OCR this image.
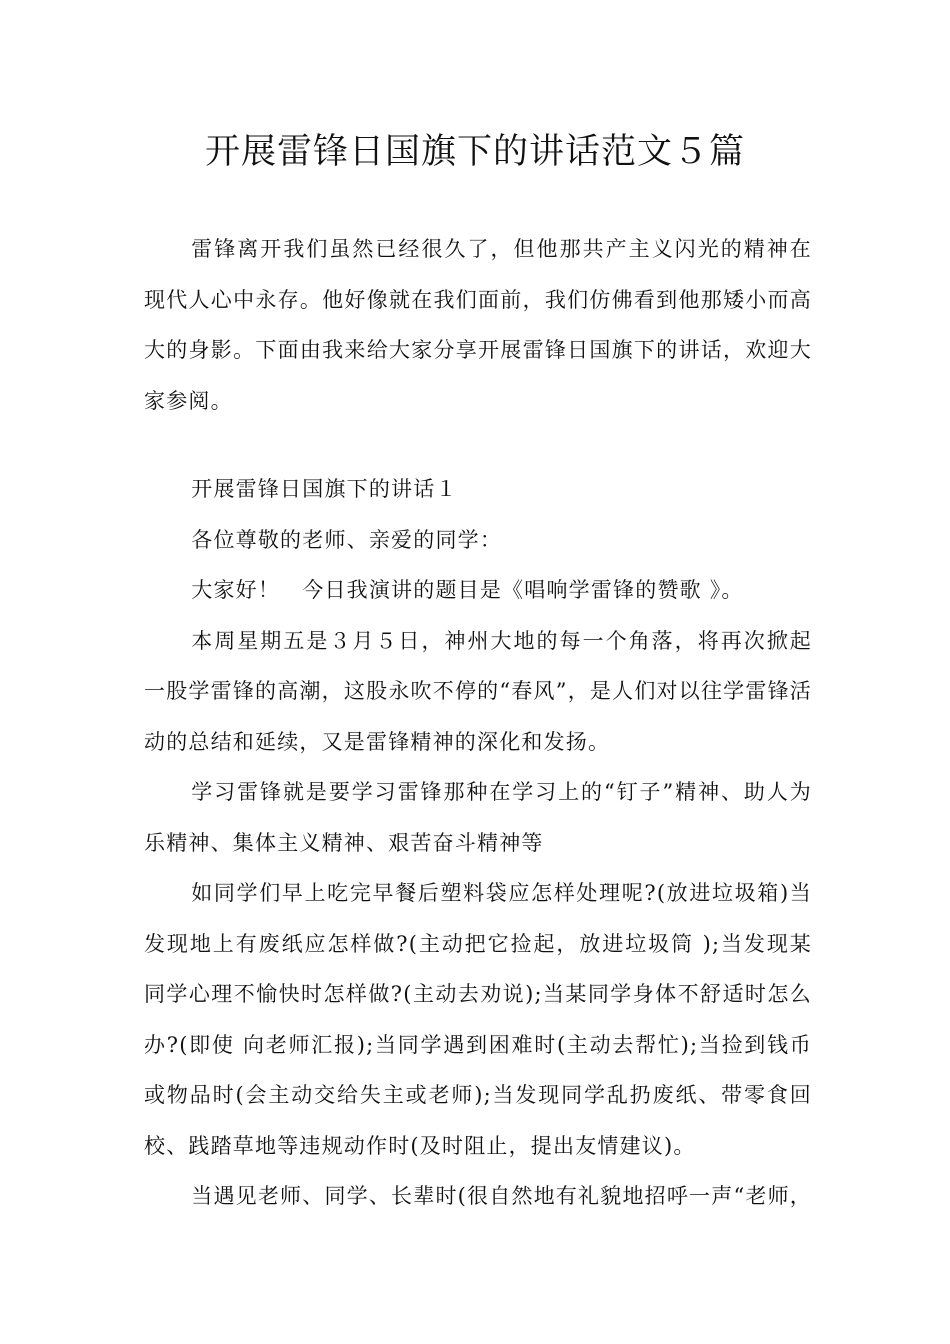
开展雷锋日国旗下的讲话范文５篇

雷锋离开我们虽然已经很久了，但他那共产主义闪光的精神在现代人心中永存。他好像就在我们面前，我们仿佛看到他那矮小而高大的身影。下面由我来给大家分享开展雷锋日国旗下的讲话，欢迎大家参阅。

开展雷锋日国旗下的讲话１

各位尊敬的老师、亲爱的同学：

大家好！　今日我演讲的题目是《唱响学雷锋的赞歌 》。

本周星期五是３月５日，神州大地的每一个角落，将再次掀起一股学雷锋的高潮，这股永吹不停的“春风”，是人们对以往学雷锋活动的总结和延续，又是雷锋精神的深化和发扬。

学习雷锋就是要学习雷锋那种在学习上的“钉子”精神、助人为乐精神、集体主义精神、艰苦奋斗精神等

如同学们早上吃完早餐后塑料袋应怎样处理呢?(放进垃圾箱)当发现地上有废纸应怎样做?(主动把它捡起，放进垃圾筒 );当发现某同学心理不愉快时怎样做?(主动去劝说);当某同学身体不舒适时怎么办?(即使 向老师汇报);当同学遇到困难时(主动去帮忙);当捡到钱币或物品时(会主动交给失主或老师);当发现同学乱扔废纸、带零食回校、践踏草地等违规动作时(及时阻止，提出友情建议)。

当遇见老师、同学、长辈时(很自然地有礼貌地招呼一声“老师，
